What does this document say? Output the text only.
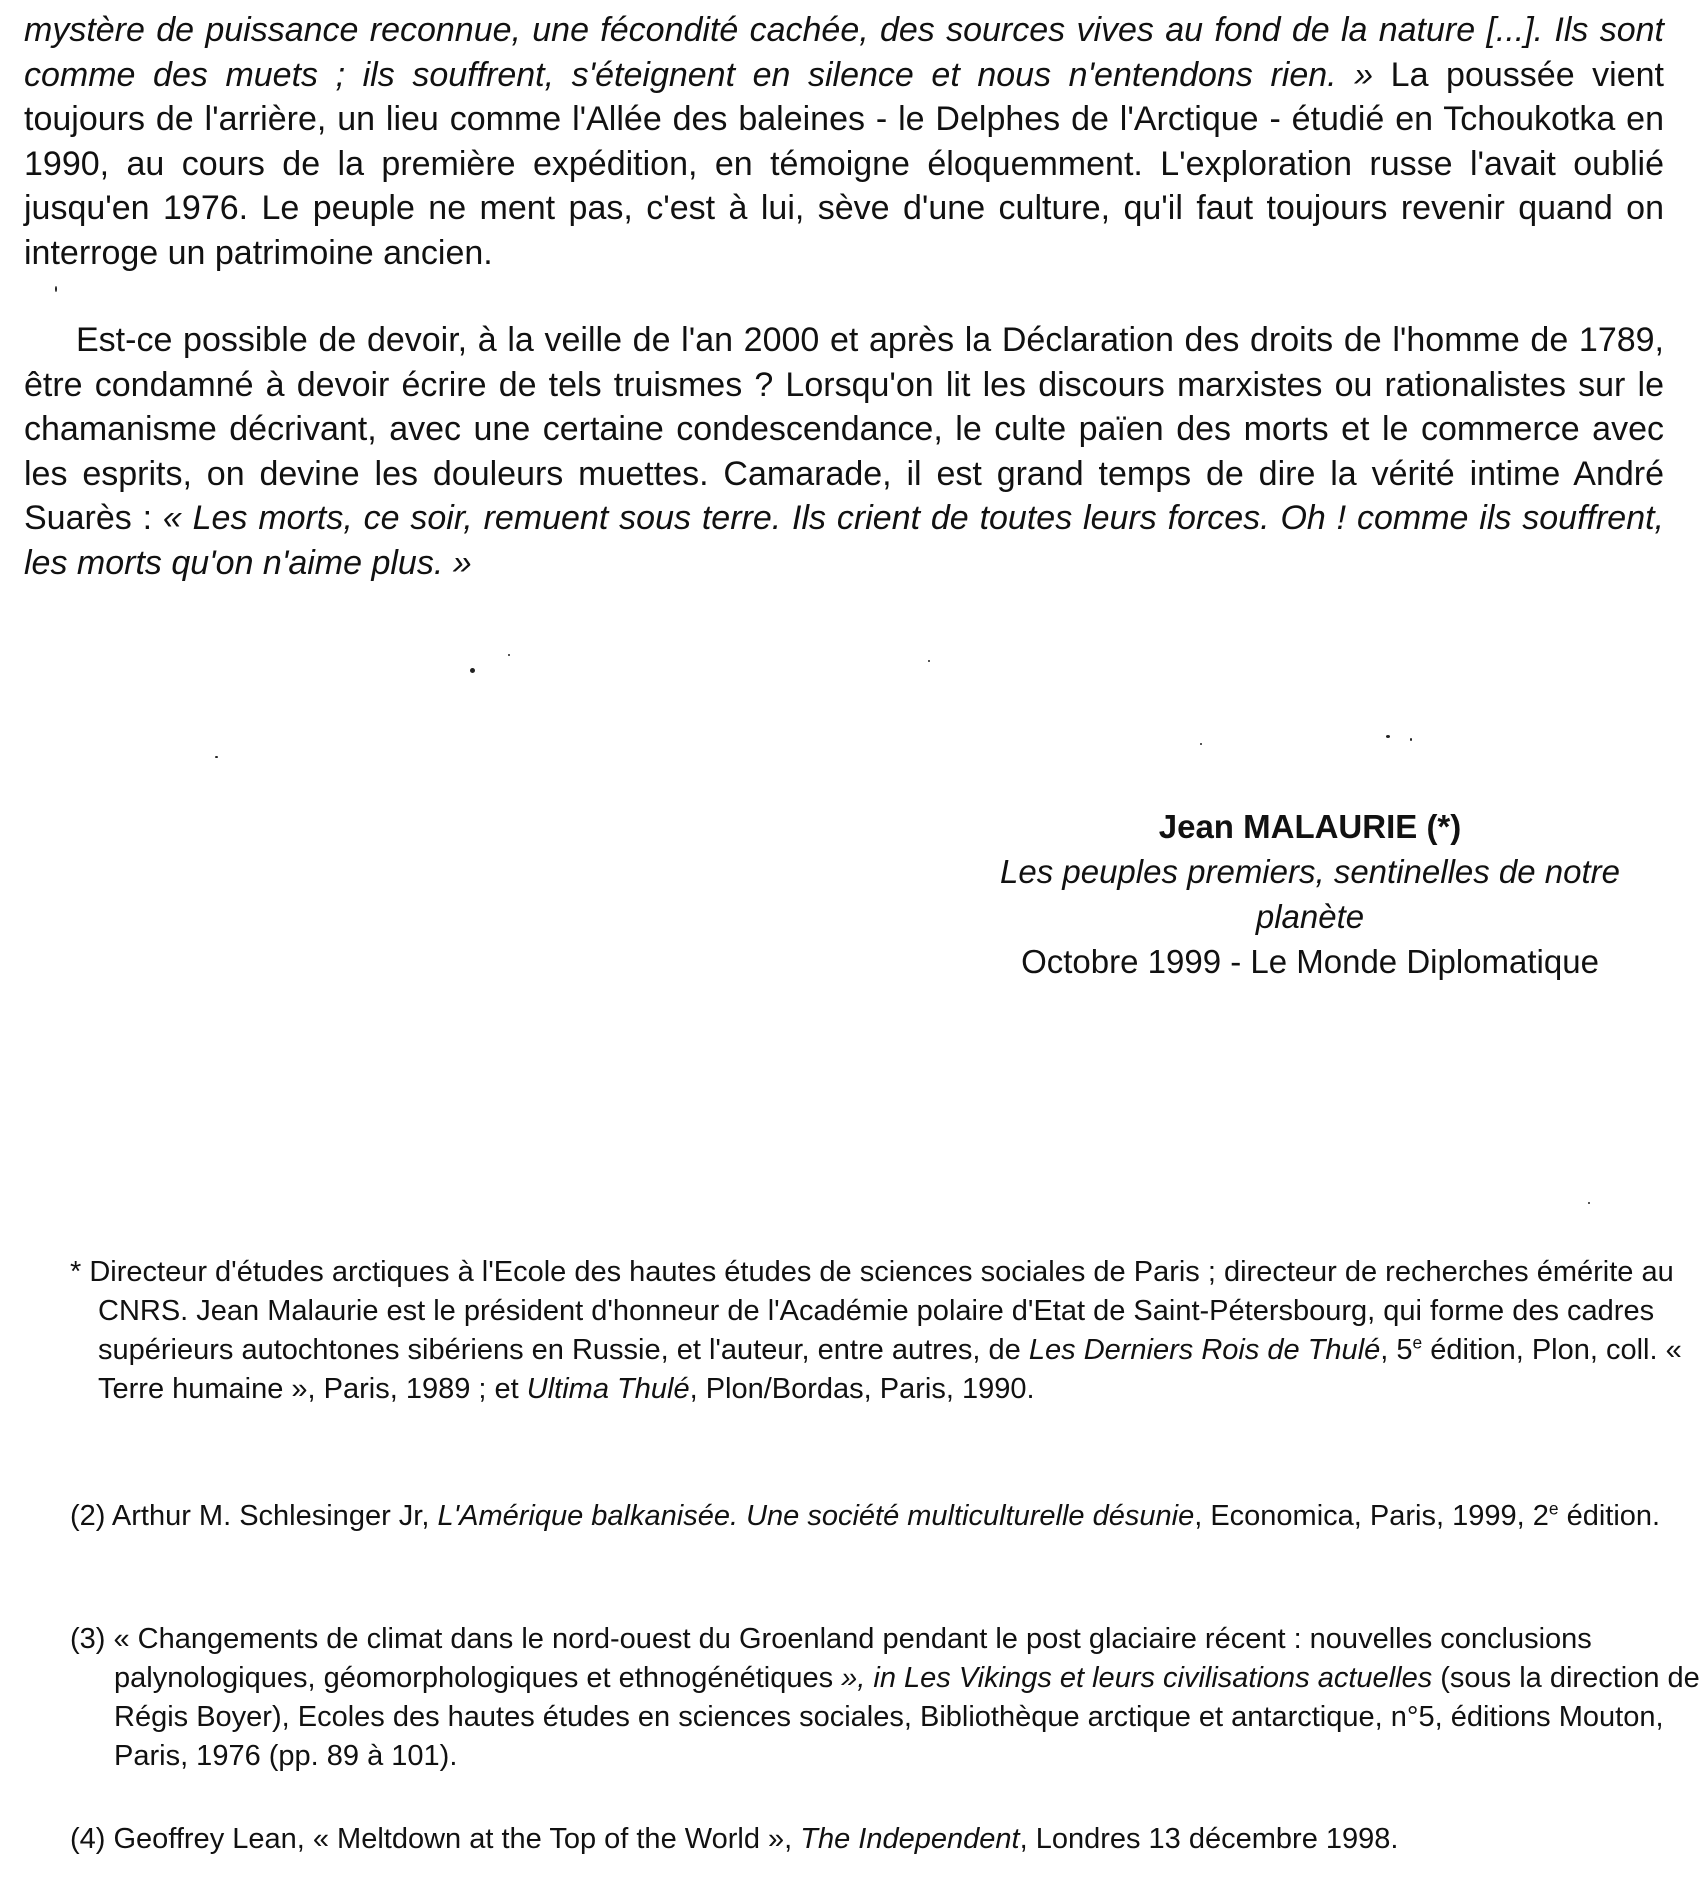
mystère de puissance reconnue, une fécondité cachée, des sources vives au fond de la nature [...]. Ils sont comme des muets ; ils souffrent, s'éteignent en silence et nous n'entendons rien. » La poussée vient toujours de l'arrière, un lieu comme l'Allée des baleines - le Delphes de l'Arctique - étudié en Tchoukotka en 1990, au cours de la première expédition, en témoigne éloquemment. L'exploration russe l'avait oublié jusqu'en 1976. Le peuple ne ment pas, c'est à lui, sève d'une culture, qu'il faut toujours revenir quand on interroge un patrimoine ancien.

Est-ce possible de devoir, à la veille de l'an 2000 et après la Déclaration des droits de l'homme de 1789, être condamné à devoir écrire de tels truismes ? Lorsqu'on lit les discours marxistes ou rationalistes sur le chamanisme décrivant, avec une certaine condescendance, le culte païen des morts et le commerce avec les esprits, on devine les douleurs muettes. Camarade, il est grand temps de dire la vérité intime André Suarès : « Les morts, ce soir, remuent sous terre. Ils crient de toutes leurs forces. Oh ! comme ils souffrent, les morts qu'on n'aime plus. »

Jean MALAURIE (*)
Les peuples premiers, sentinelles de notre
planète
Octobre 1999 - Le Monde Diplomatique

* Directeur d'études arctiques à l'Ecole des hautes études de sciences sociales de Paris ; directeur de recherches émérite au CNRS. Jean Malaurie est le président d'honneur de l'Académie polaire d'Etat de Saint-Pétersbourg, qui forme des cadres supérieurs autochtones sibériens en Russie, et l'auteur, entre autres, de Les Derniers Rois de Thulé, 5e édition, Plon, coll. « Terre humaine », Paris, 1989 ; et Ultima Thulé, Plon/Bordas, Paris, 1990.

(2) Arthur M. Schlesinger Jr, L'Amérique balkanisée. Une société multiculturelle désunie, Economica, Paris, 1999, 2e édition.

(3) « Changements de climat dans le nord-ouest du Groenland pendant le post glaciaire récent : nouvelles conclusions palynologiques, géomorphologiques et ethnogénétiques », in Les Vikings et leurs civilisations actuelles (sous la direction de Régis Boyer), Ecoles des hautes études en sciences sociales, Bibliothèque arctique et antarctique, n°5, éditions Mouton, Paris, 1976 (pp. 89 à 101).

(4) Geoffrey Lean, « Meltdown at the Top of the World », The Independent, Londres 13 décembre 1998.
